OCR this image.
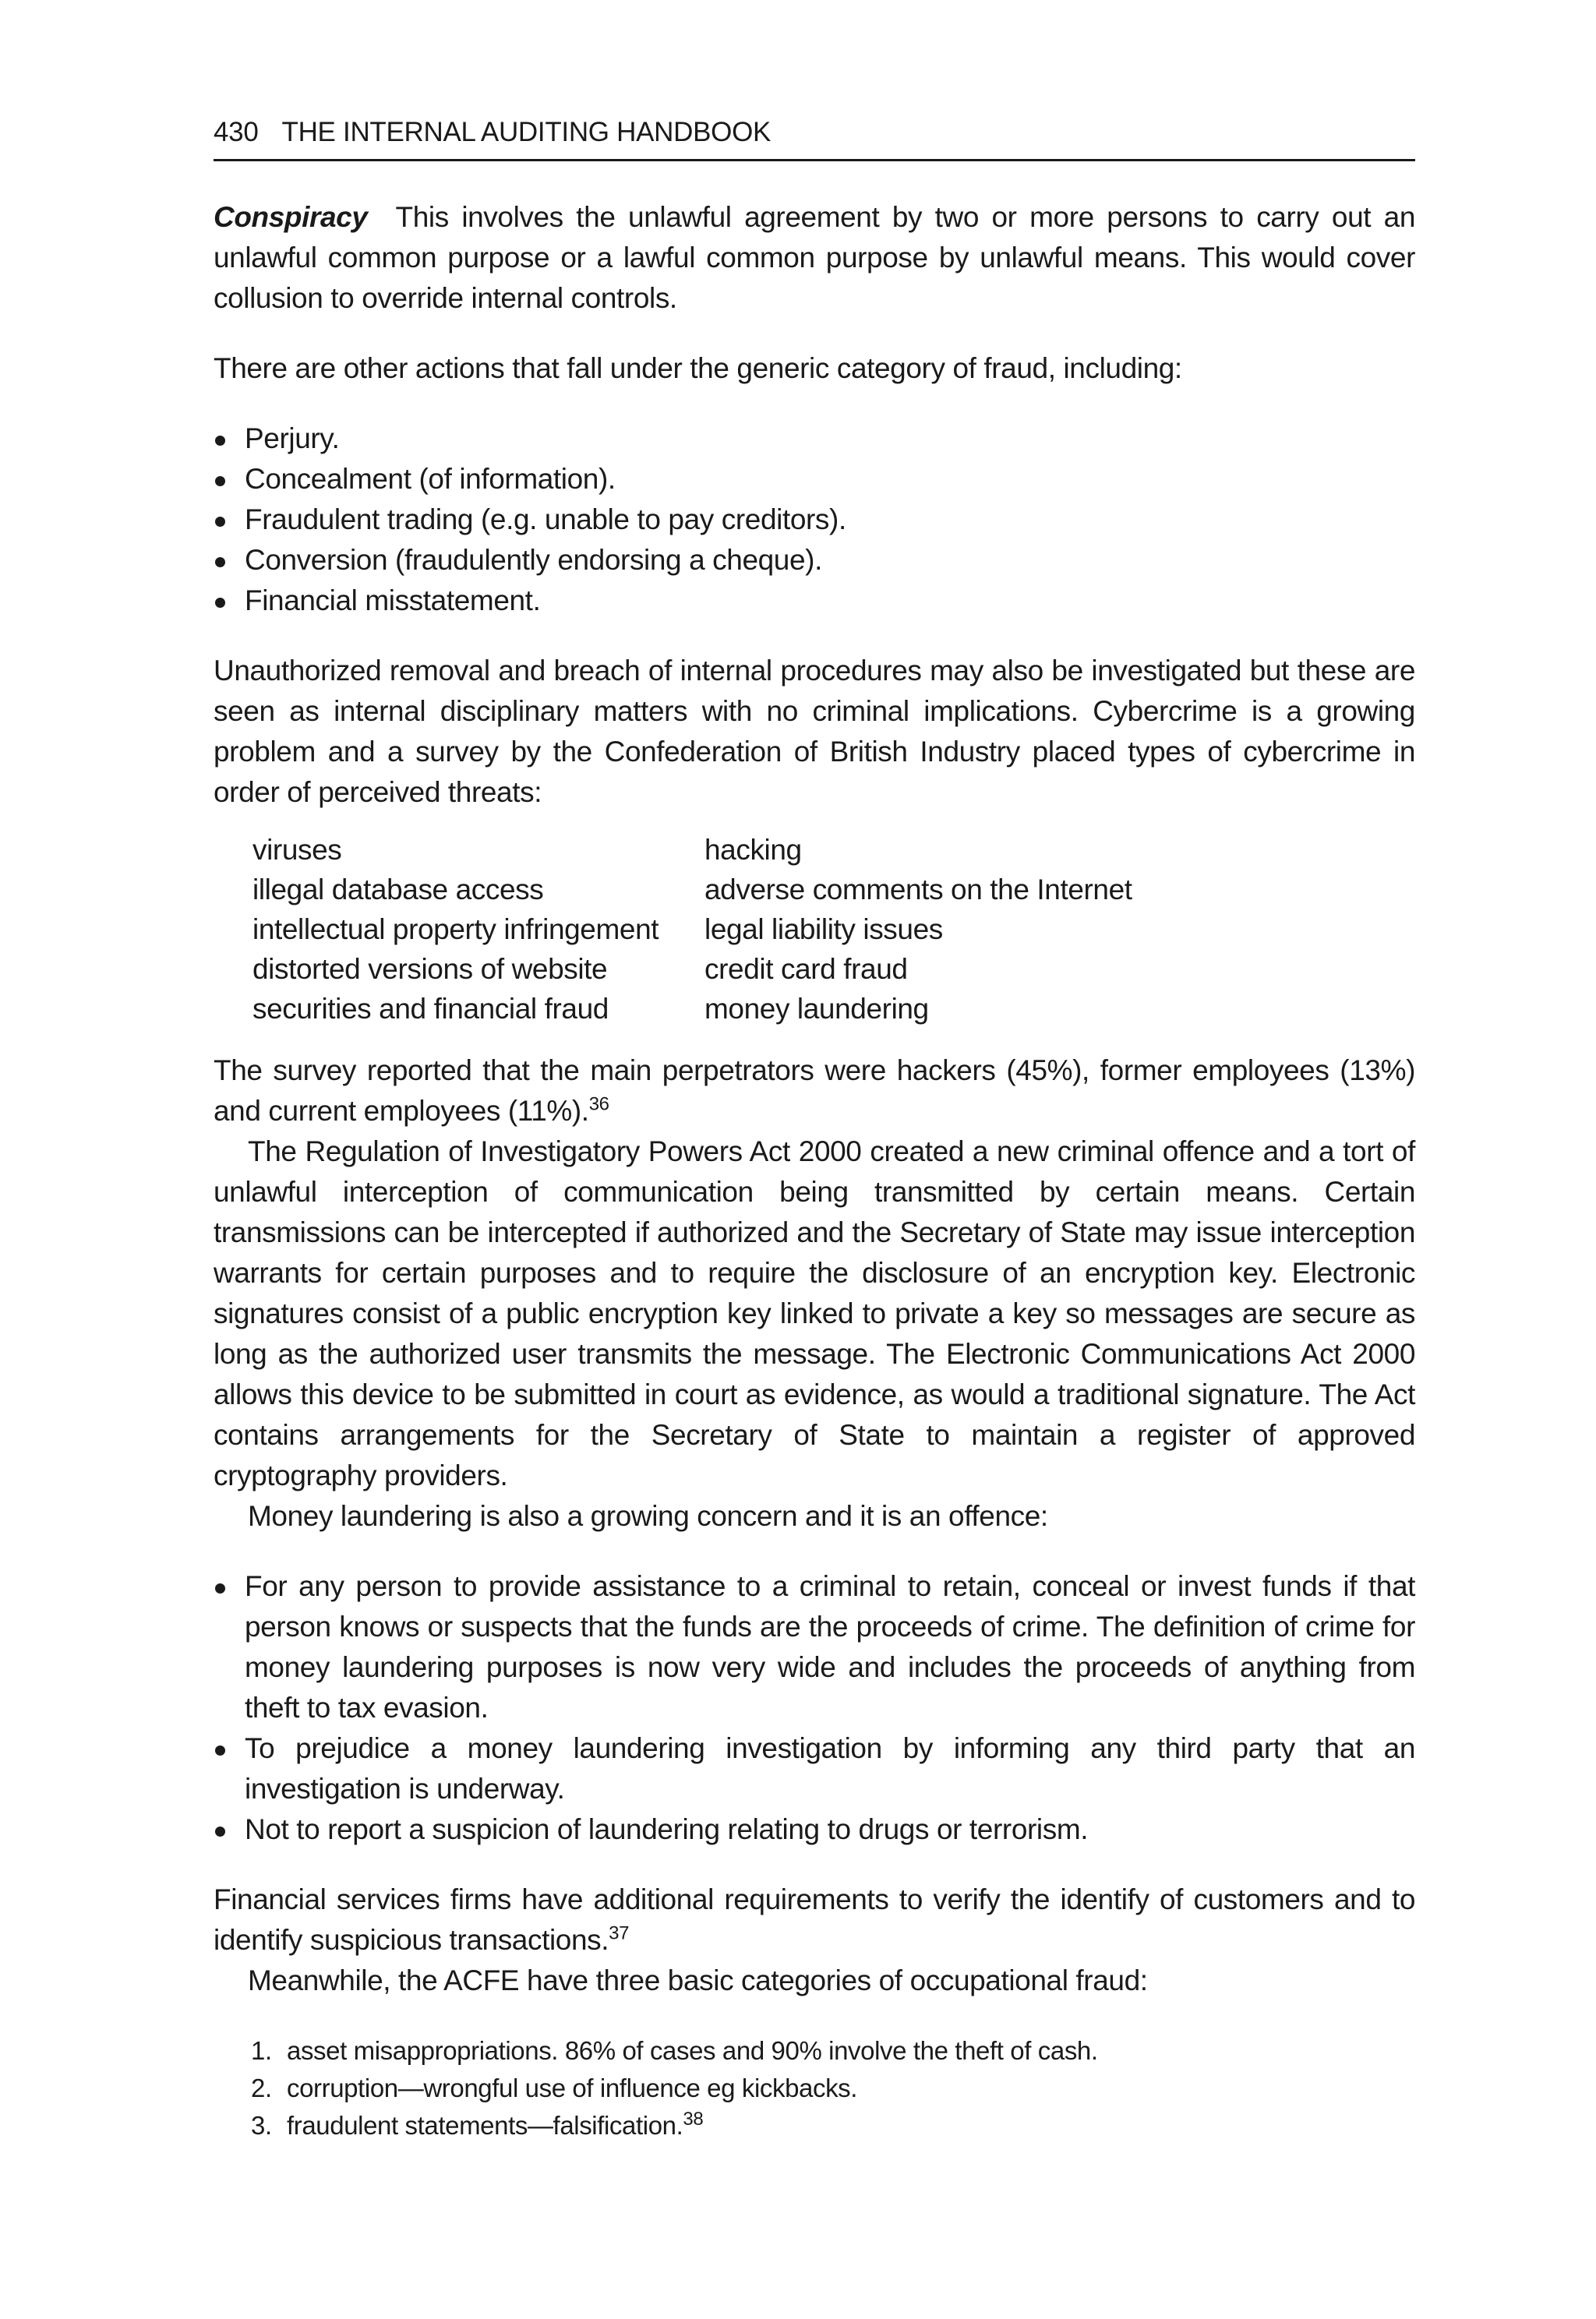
430 THE INTERNAL AUDITING HANDBOOK

Conspiracy This involves the unlawful agreement by two or more persons to carry out an unlawful common purpose or a lawful common purpose by unlawful means. This would cover collusion to override internal controls.

There are other actions that fall under the generic category of fraud, including:

Perjury.
Concealment (of information).
Fraudulent trading (e.g. unable to pay creditors).
Conversion (fraudulently endorsing a cheque).
Financial misstatement.

Unauthorized removal and breach of internal procedures may also be investigated but these are seen as internal disciplinary matters with no criminal implications. Cybercrime is a growing problem and a survey by the Confederation of British Industry placed types of cybercrime in order of perceived threats:

viruses	hacking
illegal database access	adverse comments on the Internet
intellectual property infringement	legal liability issues
distorted versions of website	credit card fraud
securities and financial fraud	money laundering

The survey reported that the main perpetrators were hackers (45%), former employees (13%) and current employees (11%).$^{36}$

The Regulation of Investigatory Powers Act 2000 created a new criminal offence and a tort of unlawful interception of communication being transmitted by certain means. Certain transmissions can be intercepted if authorized and the Secretary of State may issue interception warrants for certain purposes and to require the disclosure of an encryption key. Electronic signatures consist of a public encryption key linked to private a key so messages are secure as long as the authorized user transmits the message. The Electronic Communications Act 2000 allows this device to be submitted in court as evidence, as would a traditional signature. The Act contains arrangements for the Secretary of State to maintain a register of approved cryptography providers.

Money laundering is also a growing concern and it is an offence:

For any person to provide assistance to a criminal to retain, conceal or invest funds if that person knows or suspects that the funds are the proceeds of crime. The definition of crime for money laundering purposes is now very wide and includes the proceeds of anything from theft to tax evasion.
To prejudice a money laundering investigation by informing any third party that an investigation is underway.
Not to report a suspicion of laundering relating to drugs or terrorism.

Financial services firms have additional requirements to verify the identify of customers and to identify suspicious transactions.$^{37}$

Meanwhile, the ACFE have three basic categories of occupational fraud:

1. asset misappropriations. 86% of cases and 90% involve the theft of cash.
2. corruption—wrongful use of influence eg kickbacks.
3. fraudulent statements—falsification.$^{38}$
